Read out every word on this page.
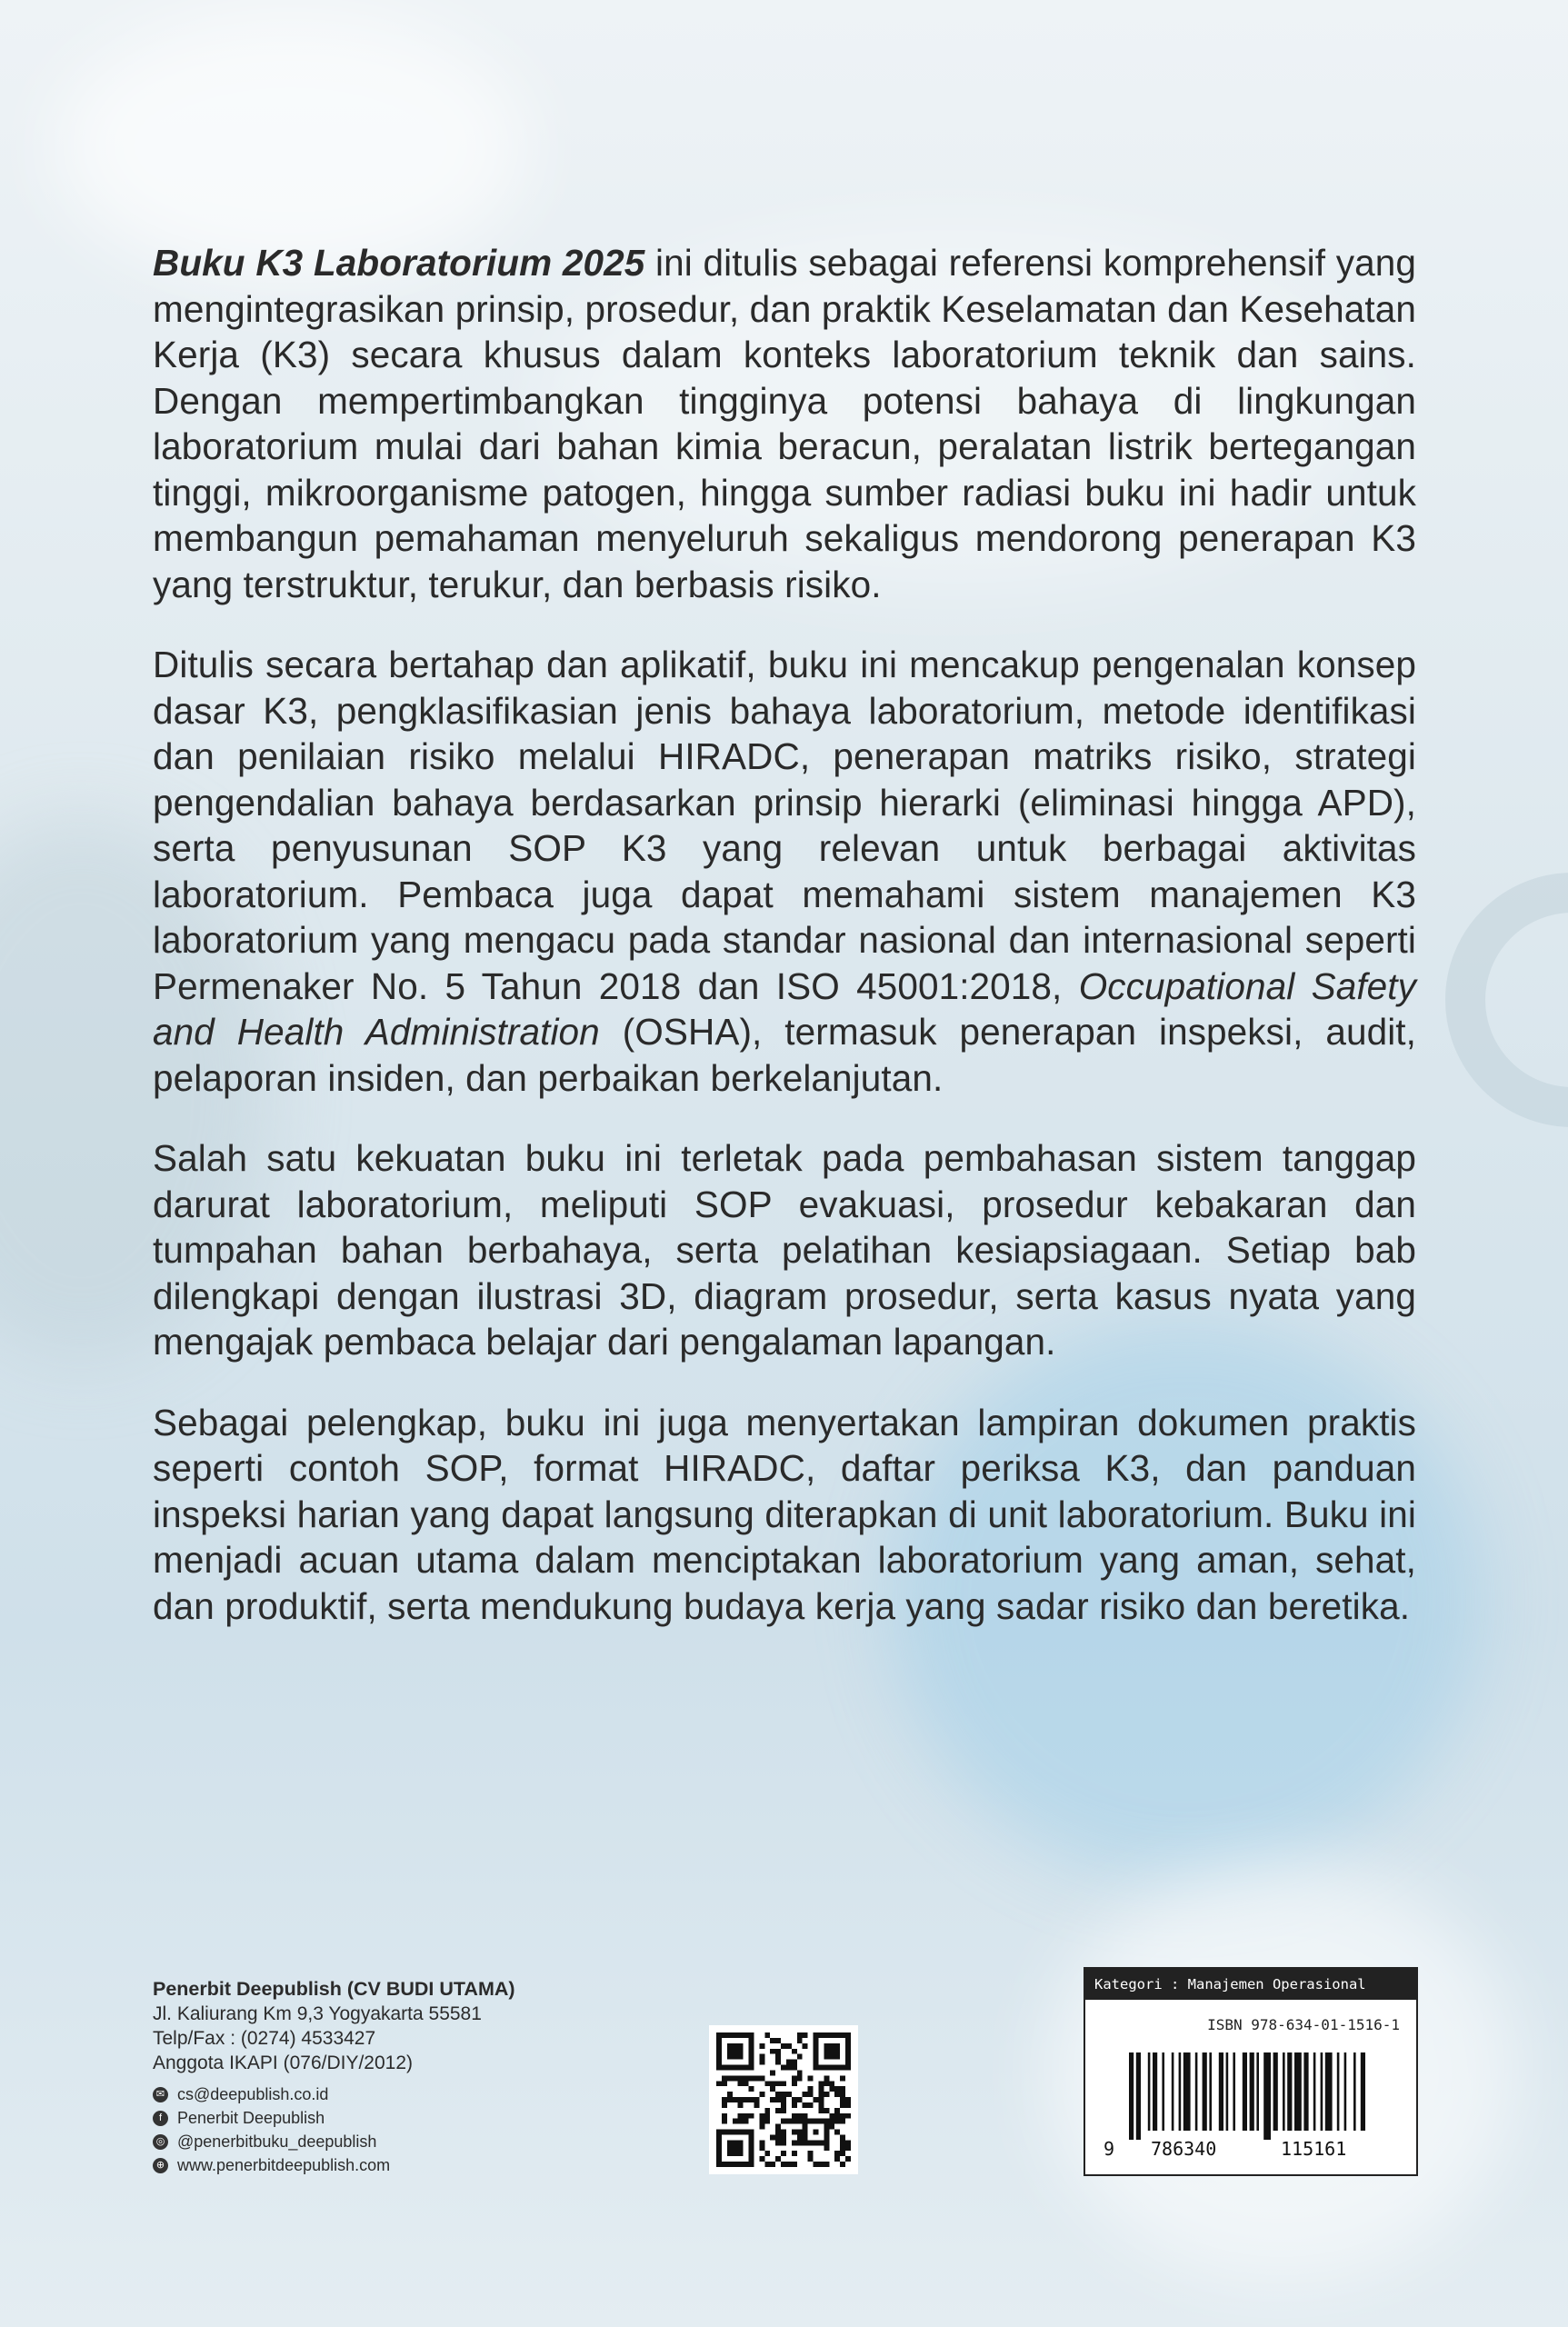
Buku K3 Laboratorium 2025 ini ditulis sebagai referensi komprehensif yang mengintegrasikan prinsip, prosedur, dan praktik Keselamatan dan Kesehatan Kerja (K3) secara khusus dalam konteks laboratorium teknik dan sains. Dengan mempertimbangkan tingginya potensi bahaya di lingkungan laboratorium mulai dari bahan kimia beracun, peralatan listrik bertegangan tinggi, mikroorganisme patogen, hingga sumber radiasi buku ini hadir untuk membangun pemahaman menyeluruh sekaligus mendorong penerapan K3 yang terstruktur, terukur, dan berbasis risiko.

Ditulis secara bertahap dan aplikatif, buku ini mencakup pengenalan konsep dasar K3, pengklasifikasian jenis bahaya laboratorium, metode identifikasi dan penilaian risiko melalui HIRADC, penerapan matriks risiko, strategi pengendalian bahaya berdasarkan prinsip hierarki (eliminasi hingga APD), serta penyusunan SOP K3 yang relevan untuk berbagai aktivitas laboratorium. Pembaca juga dapat memahami sistem manajemen K3 laboratorium yang mengacu pada standar nasional dan internasional seperti Permenaker No. 5 Tahun 2018 dan ISO 45001:2018, Occupational Safety and Health Administration (OSHA), termasuk penerapan inspeksi, audit, pelaporan insiden, dan perbaikan berkelanjutan.

Salah satu kekuatan buku ini terletak pada pembahasan sistem tanggap darurat laboratorium, meliputi SOP evakuasi, prosedur kebakaran dan tumpahan bahan berbahaya, serta pelatihan kesiapsiagaan. Setiap bab dilengkapi dengan ilustrasi 3D, diagram prosedur, serta kasus nyata yang mengajak pembaca belajar dari pengalaman lapangan.

Sebagai pelengkap, buku ini juga menyertakan lampiran dokumen praktis seperti contoh SOP, format HIRADC, daftar periksa K3, dan panduan inspeksi harian yang dapat langsung diterapkan di unit laboratorium. Buku ini menjadi acuan utama dalam menciptakan laboratorium yang aman, sehat, dan produktif, serta mendukung budaya kerja yang sadar risiko dan beretika.

Penerbit Deepublish (CV BUDI UTAMA)
Jl. Kaliurang Km 9,3 Yogyakarta 55581
Telp/Fax : (0274) 4533427
Anggota IKAPI (076/DIY/2012)
✉ cs@deepublish.co.id
f Penerbit Deepublish
◎ @penerbitbuku_deepublish
⊕ www.penerbitdeepublish.com
Kategori : Manajemen Operasional
ISBN 978-634-01-1516-1
9 786340	115161
